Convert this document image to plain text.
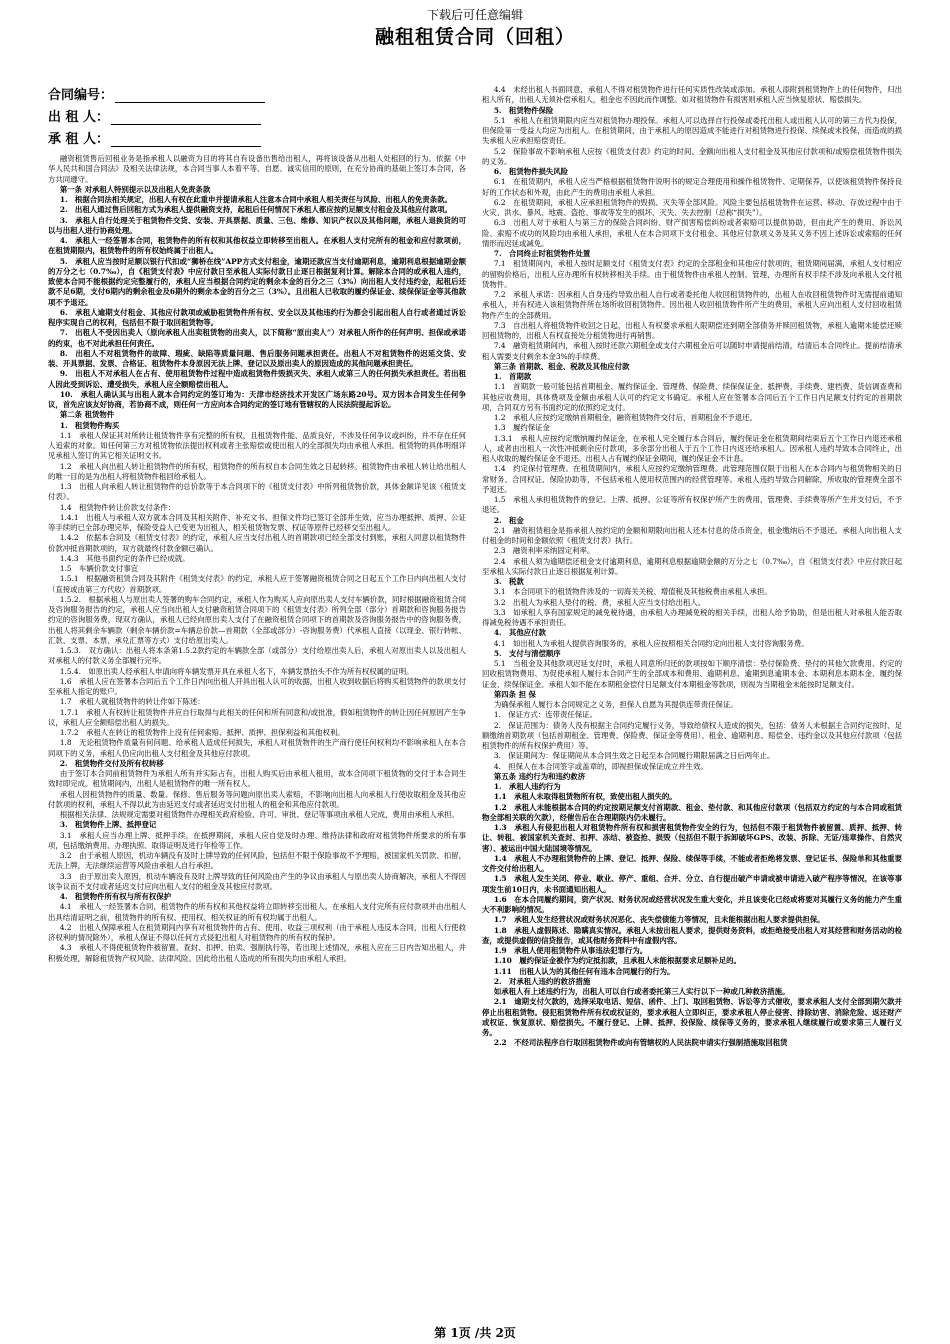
下载后可任意编辑
融租租赁合同（回租）
合同编号：
出 租 人：
承 租 人：

融资租赁售后回租业务是指承租人以融资为目的将其自有设备出售给出租人，再将该设备从出租人处租回的行为。依据《中华人民共和国合同法》及相关法律法规，本合同当事人本着平等、自愿、诚实信用的原则，在充分协商的基础上签订本合同，各方共同遵守。

第一条 对承租人特别提示以及出租人免责条款

1.　根据合同法相关规定，出租人有权在此重申并提请承租人注意本合同中承租人相关责任与风险、出租人的免责条款。

2.　出租人通过售后回租方式为承租人提供融资支持，起租后任何情况下承租人都应按约足额支付租金及其他应付款项。

3.　承租人自行处理关于租赁物件交货、安装、开具票据、质量、三包、维修、知识产权以及其他问题，承租人退换货的可以与出租人进行协商处理。

4.　承租人一经签署本合同，租赁物件的所有权和其他权益立即转移至出租人。在承租人支付完所有的租金和应付款项前，在租赁期限内，租赁物件的所有权始终属于出租人。

5.　承租人应当按时足额以银行代扣或“狮桥在线”APP方式支付租金，逾期还款应当支付逾期利息，逾期利息根据逾期金额的万分之七（0.7‰），自《租赁支付表》中应付款日至承租人实际付款日止逐日根据复利计算。解除本合同的或承租人违约，致使本合同不能根据约定完整履行的，承租人应当根据合同约定的剩余本金的百分之三（3%）向出租人支付违约金，起租后还款不足6期，支付6期内的剩余租金及6期外的剩余本金的百分之三（3%）。且出租人已收取的履约保证金、续保保证金等其他款项不予退还。

6.　承租人逾期支付租金、其他应付款项或威胁租赁物件所有权、安全以及其他违约行为都会引起出租人自行或者通过诉讼程序实现自己的权利，包括但不限于取回租赁物等。

7.　出租人不受因出卖人（原向承租人出卖租赁物的出卖人，以下简称“原出卖人”）对承租人所作的任何声明、担保或承诺的约束，也不对此承担任何责任。

8.　出租人不对租赁物件的故障、瑕疵、缺陷等质量问题、售后服务问题承担责任。出租人不对租赁物件的迟延交货、安装、开具票据、发票、合格证、租赁物件本身原因无法上牌、登记以及原出卖人的原因造成的其他问题承担责任。

9.　出租人不对承租人在占有、使用租赁物件过程中造成租赁物件毁损灭失、承租人或第三人的任何损失承担责任。若出租人因此受到诉讼、遭受损失，承租人应全额赔偿出租人。

10.　承租人确认其与出租人就本合同约定的签订地为：天津市经济技术开发区广场东路20号。双方因本合同发生任何争议，首先应该友好协商，若协商不成，则任何一方应向本合同约定的签订地有管辖权的人民法院提起诉讼。

第二条 租赁物件

1.　租赁物件购买

1.1　承租人保证其对所转让租赁物件享有完整的所有权，且租赁物件能、品质良好，不涉及任何争议或纠纷，并不存在任何人追索的对象。如任何第三方对租赁物依法提出权利或者主张赔偿或使出租人的全部损失均由承租人承担。租赁物的具体明细详见承租人签订的其它相关证明文书。

1.2　承租人向出租人转让租赁物件的所有权，租赁物件的所有权自本合同生效之日起转移。租赁物件由承租人转让给出租人的唯一目的是为出租人将租赁物件租回给承租人。

1.3　出租人向承租人转让租赁物件的总价款等于本合同项下的《租赁支付表》中所列租赁物价款，具体金额详见该《租赁支付表》。

1.4　租赁物件转让价款支付条件：

1.4.1　出租人与承租人双方就本合同及其相关附件、补充文书、担保文件均已签订全部并生效，应当办理抵押、质押、公证等手续的已全部办理完毕，保险受益人已变更为出租人，相关租赁物发票、权证等原件已经移交至出租人。

1.4.2　依据本合同及《租赁支付表》的约定，承租人应当支付出租人的首期款项已经全部支付到账，承租人同意以租赁物件价款冲抵首期款项的，双方就最终付款金额已确认。

1.4.3　其他书面约定的条件已经成就。

1.5　车辆价款支付事宜

1.5.1　根据融资租赁合同及其附件《租赁支付表》的约定，承租人应于签署融资租赁合同之日起五个工作日内向出租人支付（直接或由第三方代收）首期款项。

1.5.2.　根据承租人与原出卖人签署的购车合同约定，承租人作为购买人应向原出卖人支付车辆价款，同时根据融资租赁合同及咨询服务报告的约定，承租人应当向出租人支付融资租赁合同项下的《租赁支付表》所列全部（部分）首期款和咨询服务报告约定的咨询服务费，现双方确认，承租人已经向原出卖人支付了在融资租赁合同项下的首期款及咨询服务报告中的咨询服务费，出租人将其剩余车辆款（剩余车辆价款=车辆总价款—首期款（全部或部分）-咨询服务费）代承租人直接（以现金、银行转帐、汇款、支票、本票、承兑汇票等方式）支付给原出卖人。

1.5.3.　双方确认：出租人将本条第1.5.2款约定的车辆款全部（或部分）支付给原出卖人后，承租人对原出卖人以及出租人对承租人的付款义务全部履行完毕。

1.5.4.　如原出卖人经承租人申请向将车辆发票开具在承租人名下，车辆发票抬头不作为所有权权属的证明。

1.6　承租人应在签署本合同后五个工作日内向出租人开具出租人认可的收据，出租人收到收据后将购买租赁物件的款项支付至承租人指定的账户。

1.7　承租人就租赁物件的转让作如下陈述：

1.7.1　承租人有权转让租赁物件并应自行取得与此相关的任何和所有同意和/或批准，假如租赁物件的转让因任何原因产生争议，承租人应全额赔偿出租人的损失。

1.7.2　承租人在转让的租赁物件上没有任何索赔、抵押、质押、担保利益和其他权利。

1.8　无论租赁物件质量有何问题、给承租人造成任何损失，承租人对租赁物件的生产商行使任何权利均不影响承租人在本合同项下的义务，承租人仍应向出租人支付租金及其他应付款项。

2.　租赁物件交付及所有权转移

由于签订本合同前租赁物件为承租人所有并实际占有，出租人购买后由承租人租用，故本合同项下租赁物的交付于本合同生效时即完成。租赁期间内，出租人是租赁物件的唯一所有权人。

承租人因租赁物件的质量、数量、保修、售后服务等问题向原出卖人索赔，不影响向出租人向承租人行使收取租金及其他应付款项的权利，承租人不得以此为由延迟支付或者延迟支付出租人的租金和其他应付款项。

根据相关法律、法规规定需要对租赁物件办理相关政府检验、许可、审批、登记等事项由承租人完成，费用由承租人承担。

3.　租赁物件上牌、抵押登记

3.1　承租人应当办理上牌、抵押手续。在抵押期间，承租人应自觉及时办理、维持法律和政府对租赁物件所要求的所有事项，包括缴纳费用、办理执照、取得证明及进行年检等工作。

3.2　由于承租人原因，机动车辆没有及时上牌导致的任何风险，包括但不限于保险事故不予理赔，被国家机关罚款、扣留，无法上牌，无法继续运营等风险由承租人自行承担。

3.3　由于原出卖人原因，机动车辆没有及时上牌导致的任何风险由产生的争议由承租人与原出卖人协商解决，承租人不得因该争议而不支付或者延迟支付应向出租人支付的租金及其他应付款项。

4.　租赁物件所有权与所有权保护

4.1　承租人一经签署本合同，租赁物件的所有权和其他权益将立即转移至出租人。在承租人支付完所有应付款项并由出租人出具结清证明之前，租赁物件的所有权、使用权、相关权证的所有权均属于出租人。

4.2　出租人保障承租人在租赁期间内享有对租赁物件的占有、使用、收益三项权利（由于承租人违反本合同，出租人行使救济权利的情况除外），承租人保证不得以任何方式侵犯出租人对租赁物件的所有权的保护。

4.3　承租人不得使租赁物件被留置、查封、扣押、拍卖、强制执行等，若出现上述情况，承租人应在三日内告知出租人，并积极处理，解除租赁物产权风险、法律风险。因此给出租人造成的所有损失均由承租人承担。

4.4　未经出租人书面同意，承租人不得对租赁物件进行任何实质性改装或添加。承租人添附到租赁物件上的任何物件，归出租人所有，出租人无须补偿承租人，租金也不因此而作调整。如对租赁物件有损害则承租人应当恢复原状、赔偿损失。

5.　租赁物件保险

5.1　承租人在租赁期限内应当对租赁物办理投保。承租人可以选择自行投保或委托出租人或出租人认可的第三方代为投保，但保险第一受益人均应为出租人。在租赁期间，由于承租人的原因造成不能进行对租赁物进行投保、续保或未投保，而造成的损失承租人应承担赔偿责任。

5.2　保险事故不影响承租人应按《租赁支付表》约定的时间、金额向出租人支付租金及其他应付款项和/或赔偿租赁物件损失的义务。

6.　租赁物件损失风险

6.1　在租赁期内，承租人应当严格根据租赁物件说明书的规定合理使用和操作租赁物件、定期保养，以使该租赁物件保持良好的工作状态和外观，由此产生的费用由承租人承担。

6.2　在租赁期间，承租人应承担租赁物件的毁损、灭失等全部风险。风险主要包括租赁物件在运营、移动、存放过程中由于火灾、洪水、暴风、地震、盗抢、事故等发生的损坏、灭失、失去控制（总称“损失”）。

6.3　出租人对于承租人与第三方的保险合同纠纷、财产损害赔偿纠纷或者索赔可以提供协助，但由此产生的费用、诉讼风险、索赔不成功的风险均由承租人承担，承租人在本合同项下支付租金、其他应付款项义务及其义务不因上述诉讼或索赔的任何情形而迟延或减免。

7.　合同终止时租赁物件处置

7.1　租赁期间内，承租人按时足额支付《租赁支付表》约定的全部租金和其他应付款项的，租赁期间届满，承租人支付相应的留购价格后，出租人应办理所有权转移相关手续。由于租赁物件由承租人控制、管理，办理所有权手续不涉及向承租人交付租赁物件。

7.2　承租人承诺：因承租人自身违约导致出租人自行或者委托他人收回租赁物件的，出租人在收回租赁物件时无需提前通知承租人，并有权进入该租赁物件所在场所收回租赁物件。因出租人收回租赁物件所产生的费用，承租人应向出租人支付回收租赁物件产生的全部费用。

7.3　自出租人将租赁物件收回之日起，出租人有权要求承租人限期偿还到期全部债务并赎回租赁物，承租人逾期未能偿还赎回租赁物的，出租人有权直接处分租赁物进行再销售。

7.4　融资租赁期间内，承租人按时还款六期租金或支付六期租金后可以随时申请提前结清，结清后本合同终止。提前结清承租人需要支付剩余本金3%的手续费。

第三条 首期款、租金、税款及其他应付款

1.　首期款

1.1　首期款一般可能包括首期租金、履约保证金、管理费、保险费、续保保证金、抵押费、手续费、建档费、货信调查费和其他应收费用，具体费项及金额由承租人认可的约定文书确定。承租人应在签署本合同后五个工作日内足额支付约定的首期款项，合同双方另有书面约定的依照约定支付。

1.2　承租人应按约定缴纳首期租金，融资租赁物件交付后，首期租金不予退还。

1.3　履约保证金

1.3.1　承租人应按约定缴纳履约保证金，在承租人完全履行本合同后，履约保证金在租赁期间结束后五个工作日内退还承租人，或者由出租人一次性冲抵剩余应付款项，多余部分出租人于五个工作日内返还给承租人。因承租人违约导致本合同终止，出租人收取的履约保证金不退还。出租人占有履约保证金期间，履约保证金不计息。

1.4　约定保付管理费。在租赁期间内，承租人应按约定缴纳管理费。此管理范围仅限于出租人在本合同内与租赁物相关的日常财务、合同权证、保险协助等，不包括承租人使用权范围内的经营管理等。承租人违约导致合同解除，所收取的管理费全部不予退还。

1.5　承租人承担租赁物件的登记、上牌、抵押、公证等所有权保护所产生的费用，管理费、手续费等所产生并支付后，不予退还。

2.　租金

2.1　融资租赁租金是指承租人按约定的金额和期限向出租人还本付息的货币资金，租金缴纳后不予退还。承租人向出租人支付租金的时间和金额依照《租赁支付表》执行。

2.3　融资利率采纳固定利率。

2.4　承租人须为逾期偿还租金支付逾期利息，逾期利息根据逾期金额的万分之七（0.7‰），自《租赁支付表》中应付款日起至承租人实际付款日止逐日根据复利计算。

3.　税款

3.1　本合同项下的租赁物件涉及的一切海关关税、增值税及其他税费由承租人承担。

3.2　出租人为承租人垫付的税、费，承租人应当支付给出租人。

3.3　如承租人享有国家规定的减免税待遇，由承租人办理减免税的相关手续，出租人给予协助，但是出租人对承租人能否取得减免税待遇不承担责任。

4.　其他应付款

4.1　如出租人为承租人提供咨询服务的，承租人应按照相关合同约定向出租人支付咨询服务费。

5.　支付与清偿顺序

5.1　当租金及其他款项迟延支付时，承租人同意所归还的款项按如下顺序清偿：垫付保险费、垫付的其他欠款费用、约定的回收租赁物费用、为促使承租人履行本合同产生的全部成本和费用、逾期利息、逾期到息逾期本金、本期利息本期本金、履约保证金、续保保证金。承租人如不能在本期租金偿付日足额支付本期租金等款项，则视为当期租金未能按时足额支付。

第四条 担 保

为确保承租人履行本合同规定之义务，担保人自愿为其提供连带责任保证。

1.　保证方式：连带责任保证。

2.　保证范围为：债务人没有根据主合同约定履行义务，导致给债权人造成的损失，包括：债务人未根据主合同约定按时、足额缴纳首期款项（包括首期租金、管理费、保险费、保证金等费用）、租金、逾期利息、赔偿金、违约金以及其他应付款项（包括租赁物件的所有权保护费用）等。

3.　保证期间为：保证期间从本合同生效之日起至本合同履行期限届满之日后两年止。

4.　担保人在本合同签字或盖章的，即视担保或保证成立并生效。

第五条 违约行为和违约救济

1.　承租人违约行为

1.1　承租人未取得租赁物所有权，致使出租人损失的。

1.2　承租人未能根据本合同的约定按期足额支付首期款、租金、垫付款、和其他应付款项（包括双方约定的与本合同或租赁物全部相关联的欠款），经催告后在合理期限内仍未履行。

1.3　承租人有侵犯出租人对租赁物件所有权和损害租赁物件安全的行为，包括但不限于租赁物件被留置、质押、抵押、转让、转租、被国家机关查封、扣押、冻结、被盗抢、损毁（包括但不限于拆卸破坏GPS、改装、拆除、无证/违章操作、自然灾害）、被运出中国大陆国境等情况。

1.4　承租人不办理租赁物件的上牌、登记、抵押、保险、续保等手续，不能或者拒绝将发票、登记证书、保险单和其他重要文件交付给出租人。

1.5　承租人发生关闭、停业、歇业、停产、重组、合并、分立、自行提出破产申请或被申请进入破产程序等情况，在该等事项发生前10日内，未书面通知出租人。

1.6　在本合同履约期间，资产状况、财务状况或经营状况发生重大变化，并且该变化已经或将要对其履行义务的能力产生重大不利影响的情况。

1.7　承租人发生经营状况或财务状况恶化、丧失偿债能力等情况，且未能根据出租人要求提供担保。

1.8　承租人虚假陈述、隐瞒真实情况。承租人未按出租人要求，提供财务资料，或拒绝接受出租人对其经营和财务活动的检查，或提供虚假的信贷报告，或其他财务资料中有虚假内容。

1.9　承租人使用租赁物件从事违法犯罪行为。

1.10　履约保证金被作为约定抵扣款，且承租人未能根据要求足额补足的。

1.11　出租人认为的其他任何有违本合同履行的行为。

2.　对承租人违约的救济措施

如承租人有上述违约行为，出租人可以自行或者委托第三人实行以下一种或几种救济措施。

2.1　逾期支付欠款的，选择采取电话、短信、函件、上门、取回租赁物、诉讼等方式催收，要求承租人支付全部到期欠款并停止出租租赁物。侵犯租赁物件所有权或权证的，要求承租人立即纠正，要求承租人停止侵害、排除妨害、消除危险、返还财产或权证、恢复原状、赔偿损失。不履行登记、上牌、抵押、投保险、续保等义务的，要求承租人继续履行或要求第三人履行义务。

2.2　不经司法程序自行取回租赁物件或向有管辖权的人民法院申请实行强制措施取回租赁

第 1页 /共 2页
